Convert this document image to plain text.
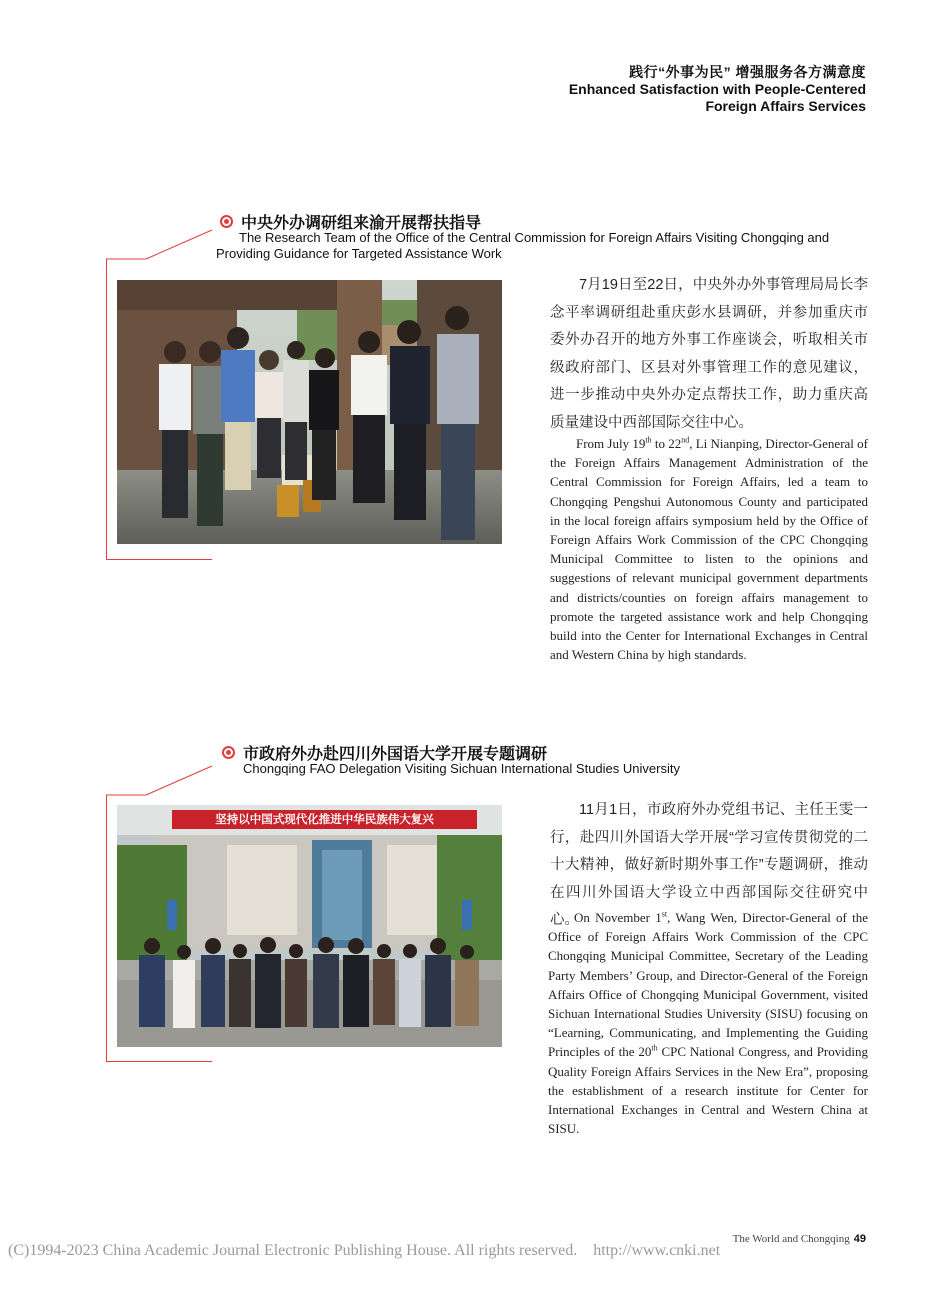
践行“外事为民” 增强服务各方满意度
Enhanced Satisfaction with People-Centered
Foreign Affairs Services
中央外办调研组来渝开展帮扶指导
The Research Team of the Office of the Central Commission for Foreign Affairs Visiting Chongqing and
Providing Guidance for Targeted Assistance Work
7月19日至22日，中央外办外事管理局局长李念平率调研组赴重庆彭水县调研，并参加重庆市委外办召开的地方外事工作座谈会，听取相关市级政府部门、区县对外事管理工作的意见建议，进一步推动中央外办定点帮扶工作，助力重庆高质量建设中西部国际交往中心。
From July 19th to 22nd, Li Nianping, Director-General of the Foreign Affairs Management Administration of the Central Commission for Foreign Affairs, led a team to Chongqing Pengshui Autonomous County and participated in the local foreign affairs symposium held by the Office of Foreign Affairs Work Commission of the CPC Chongqing Municipal Committee to listen to the opinions and suggestions of relevant municipal government departments and districts/counties on foreign affairs management to promote the targeted assistance work and help Chongqing build into the Center for International Exchanges in Central and Western China by high standards.
市政府外办赴四川外国语大学开展专题调研
Chongqing FAO Delegation Visiting Sichuan International Studies University
坚持以中国式现代化推进中华民族伟大复兴
11月1日，市政府外办党组书记、主任王雯一行，赴四川外国语大学开展“学习宣传贯彻党的二十大精神，做好新时期外事工作”专题调研，推动在四川外国语大学设立中西部国际交往研究中心。
On November 1st, Wang Wen, Director-General of the Office of Foreign Affairs Work Commission of the CPC Chongqing Municipal Committee, Secretary of the Leading Party Members’ Group, and Director-General of the Foreign Affairs Office of Chongqing Municipal Government, visited Sichuan International Studies University (SISU) focusing on “Learning, Communicating, and Implementing the Guiding Principles of the 20th CPC National Congress, and Providing Quality Foreign Affairs Services in the New Era”, proposing the establishment of a research institute for Center for International Exchanges in Central and Western China at SISU.
The World and Chongqing 49
(C)1994-2023 China Academic Journal Electronic Publishing House. All rights reserved.    http://www.cnki.net
